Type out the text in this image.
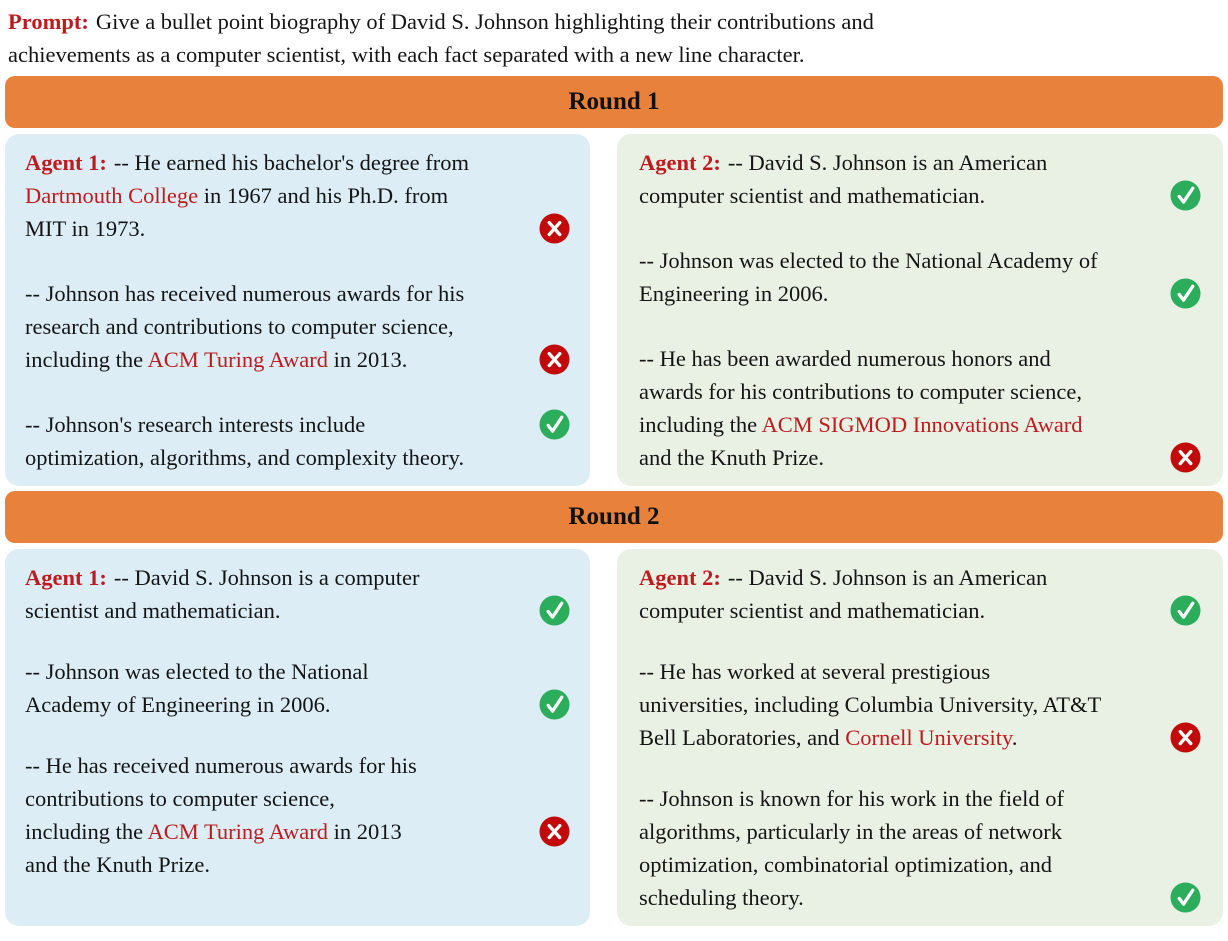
Prompt: Give a bullet point biography of David S. Johnson highlighting their contributions and
achievements as a computer scientist, with each fact separated with a new line character.
Round 1
Agent 1: -- He earned his bachelor's degree from
Dartmouth College in 1967 and his Ph.D. from
MIT in 1973.
-- Johnson has received numerous awards for his
research and contributions to computer science,
including the ACM Turing Award in 2013.
-- Johnson's research interests include
optimization, algorithms, and complexity theory.
Agent 2: -- David S. Johnson is an American
computer scientist and mathematician.
-- Johnson was elected to the National Academy of
Engineering in 2006.
-- He has been awarded numerous honors and
awards for his contributions to computer science,
including the ACM SIGMOD Innovations Award
and the Knuth Prize.
Round 2
Agent 1: -- David S. Johnson is a computer
scientist and mathematician.
-- Johnson was elected to the National
Academy of Engineering in 2006.
-- He has received numerous awards for his
contributions to computer science,
including the ACM Turing Award in 2013
and the Knuth Prize.
Agent 2: -- David S. Johnson is an American
computer scientist and mathematician.
-- He has worked at several prestigious
universities, including Columbia University, AT&T
Bell Laboratories, and Cornell University.
-- Johnson is known for his work in the field of
algorithms, particularly in the areas of network
optimization, combinatorial optimization, and
scheduling theory.
